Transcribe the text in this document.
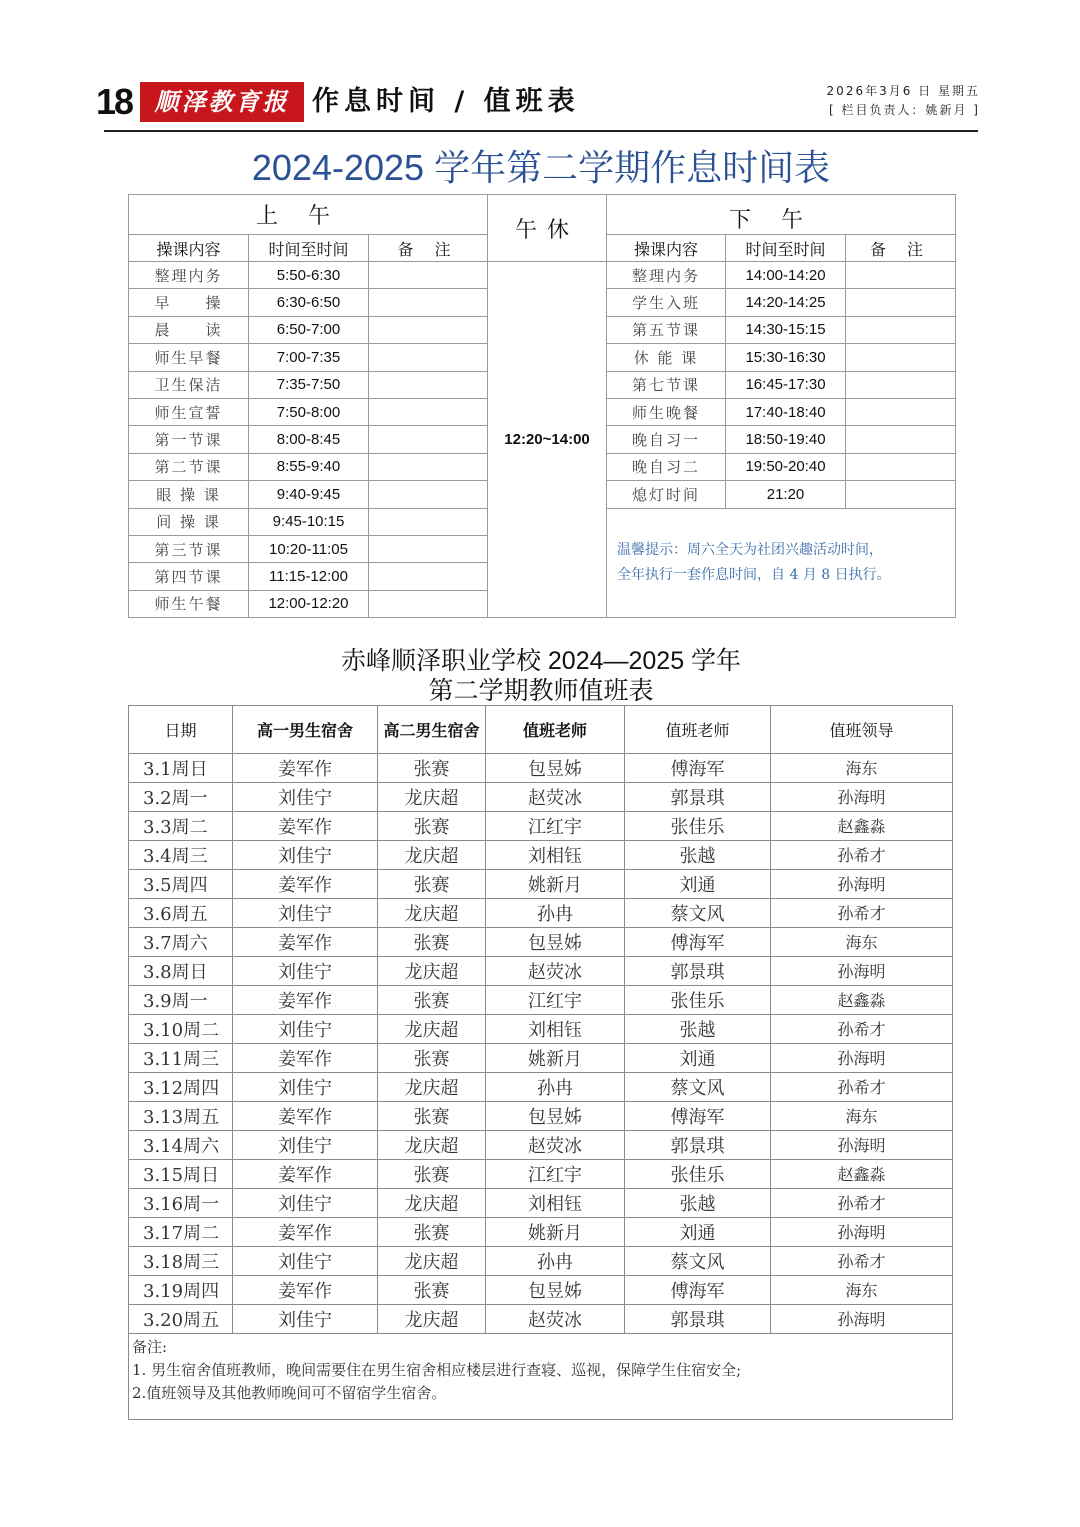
18 顺泽教育报 作息时间 / 值班表	2026年3月6 日 星期五
[ 栏目负责人：姚新月 ]
2024-2025 学年第二学期作息时间表
上午			午休	下午		
操课内容	时间至时间	备 注		操课内容	时间至时间	备 注
整理内务	5:50-6:30		12:20~14:00	整理内务	14:00-14:20	
早　　操	6:30-6:50			学生入班	14:20-14:25	
晨　　读	6:50-7:00			第五节课	14:30-15:15	
师生早餐	7:00-7:35			休 能 课	15:30-16:30	
卫生保洁	7:35-7:50			第七节课	16:45-17:30	
师生宣誓	7:50-8:00			师生晚餐	17:40-18:40	
第一节课	8:00-8:45			晚自习一	18:50-19:40	
第二节课	8:55-9:40			晚自习二	19:50-20:40	
眼 操 课	9:40-9:45			熄灯时间	21:20	
间 操 课	9:45-10:15			温馨提示：周六全天为社团兴趣活动时间，
全年执行一套作息时间，自 4 月 8 日执行。		

第三节课	10:20-11:05					
第四节课	11:15-12:00					
师生午餐	12:00-12:20					
赤峰顺泽职业学校 2024—2025 学年
第二学期教师值班表
日期	高一男生宿舍	高二男生宿舍	值班老师	值班老师	值班领导
3.1周日	姜军作	张赛	包昱姊	傅海军	海东
3.2周一	刘佳宁	龙庆超	赵荧冰	郭景琪	孙海明
3.3周二	姜军作	张赛	江红宇	张佳乐	赵鑫淼
3.4周三	刘佳宁	龙庆超	刘相钰	张越	孙希才
3.5周四	姜军作	张赛	姚新月	刘通	孙海明
3.6周五	刘佳宁	龙庆超	孙冉	蔡文风	孙希才
3.7周六	姜军作	张赛	包昱姊	傅海军	海东
3.8周日	刘佳宁	龙庆超	赵荧冰	郭景琪	孙海明
3.9周一	姜军作	张赛	江红宇	张佳乐	赵鑫淼
3.10周二	刘佳宁	龙庆超	刘相钰	张越	孙希才
3.11周三	姜军作	张赛	姚新月	刘通	孙海明
3.12周四	刘佳宁	龙庆超	孙冉	蔡文风	孙希才
3.13周五	姜军作	张赛	包昱姊	傅海军	海东
3.14周六	刘佳宁	龙庆超	赵荧冰	郭景琪	孙海明
3.15周日	姜军作	张赛	江红宇	张佳乐	赵鑫淼
3.16周一	刘佳宁	龙庆超	刘相钰	张越	孙希才
3.17周二	姜军作	张赛	姚新月	刘通	孙海明
3.18周三	刘佳宁	龙庆超	孙冉	蔡文风	孙希才
3.19周四	姜军作	张赛	包昱姊	傅海军	海东
3.20周五	刘佳宁	龙庆超	赵荧冰	郭景琪	孙海明

备注:
1. 男生宿舍值班教师，晚间需要住在男生宿舍相应楼层进行查寝、巡视，保障学生住宿安全;
2.值班领导及其他教师晚间可不留宿学生宿舍。					
